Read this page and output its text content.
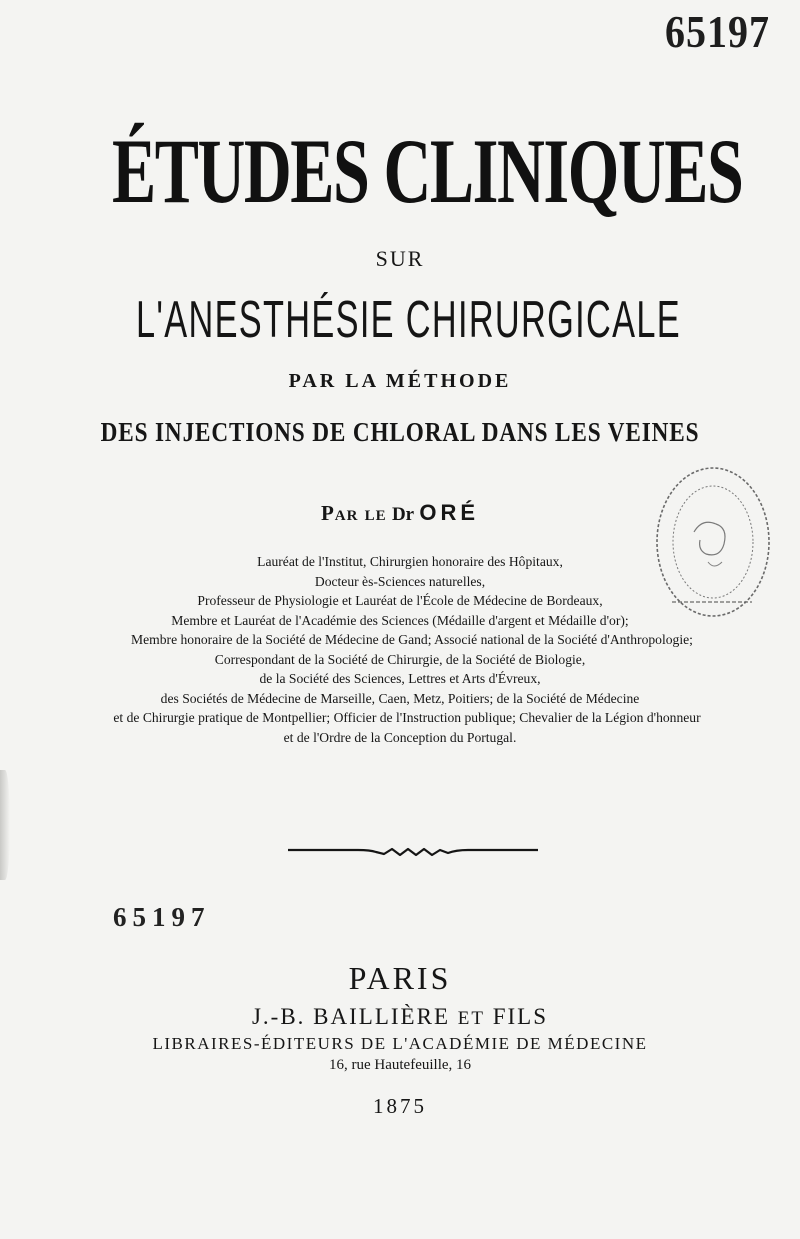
65197
ÉTUDES CLINIQUES
SUR
L'ANESTHÉSIE CHIRURGICALE
PAR LA MÉTHODE
DES INJECTIONS DE CHLORAL DANS LES VEINES
Par le Dr ORÉ
Lauréat de l'Institut, Chirurgien honoraire des Hôpitaux,
Docteur ès-Sciences naturelles,
Professeur de Physiologie et Lauréat de l'École de Médecine de Bordeaux,
Membre et Lauréat de l'Académie des Sciences (Médaille d'argent et Médaille d'or);
Membre honoraire de la Société de Médecine de Gand; Associé national de la Société d'Anthropologie;
Correspondant de la Société de Chirurgie, de la Société de Biologie,
de la Société des Sciences, Lettres et Arts d'Évreux,
des Sociétés de Médecine de Marseille, Caen, Metz, Poitiers; de la Société de Médecine
et de Chirurgie pratique de Montpellier; Officier de l'Instruction publique; Chevalier de la Légion d'honneur
et de l'Ordre de la Conception du Portugal.
65197
PARIS
J.-B. BAILLIÈRE ET FILS
LIBRAIRES-ÉDITEURS DE L'ACADÉMIE DE MÉDECINE
16, rue Hautefeuille, 16
1875
